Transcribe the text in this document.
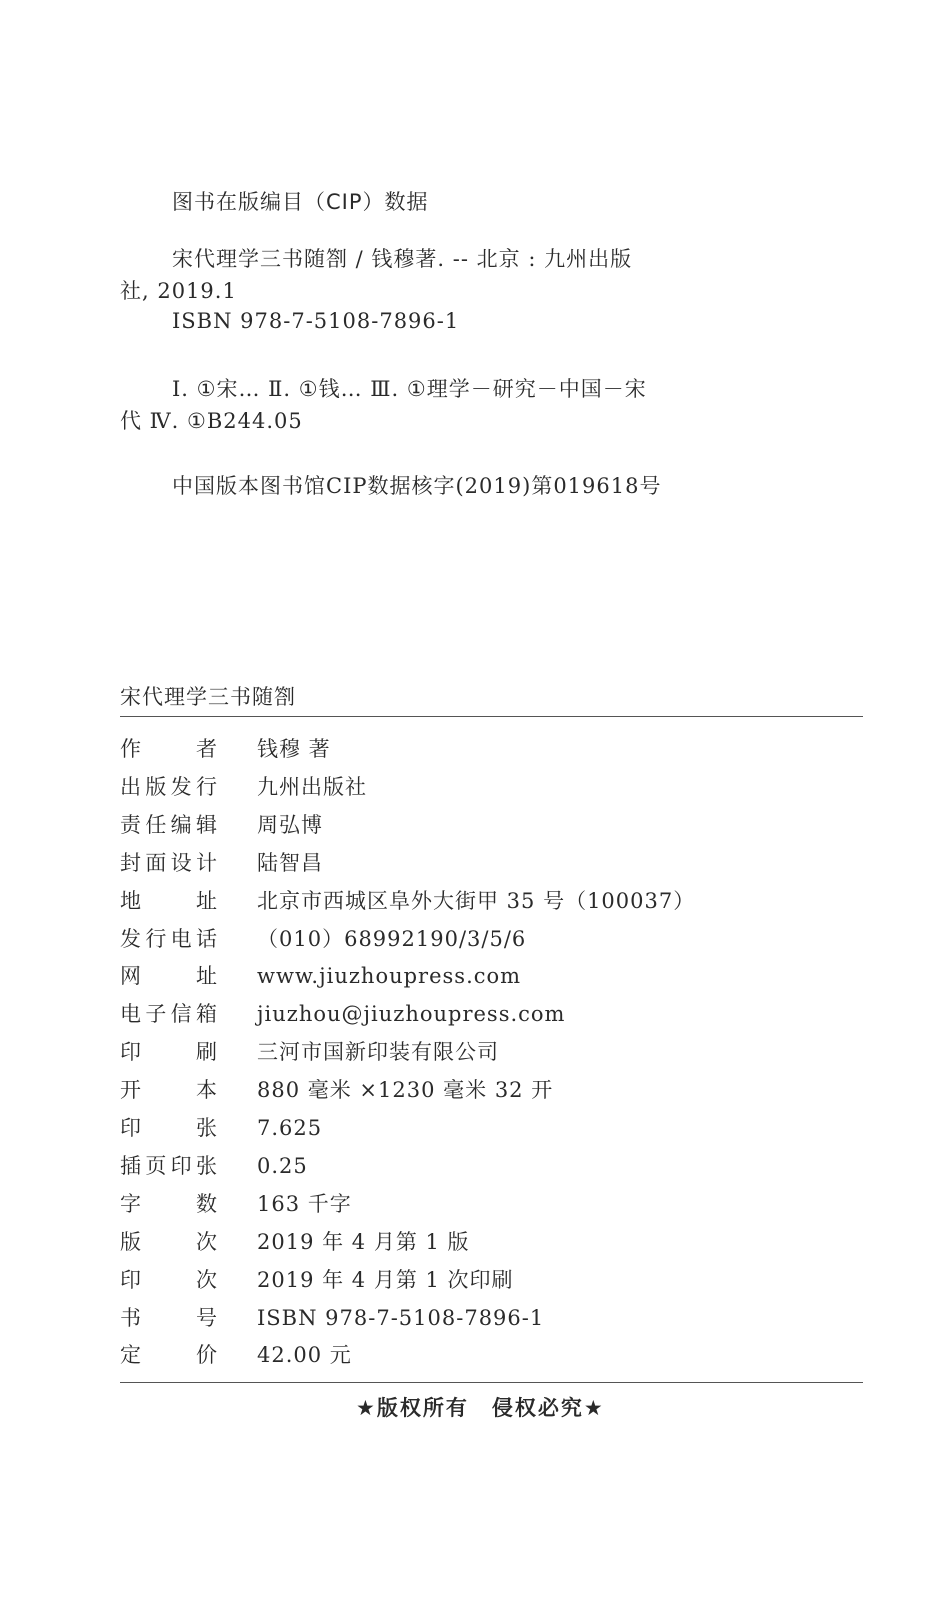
图书在版编目（CIP）数据
宋代理学三书随劄 / 钱穆著. -- 北京 : 九州出版
社, 2019.1
ISBN 978-7-5108-7896-1
Ⅰ. ①宋… Ⅱ. ①钱… Ⅲ. ①理学－研究－中国－宋
代 Ⅳ. ①B244.05
中国版本图书馆CIP数据核字(2019)第019618号
宋代理学三书随劄
作者 钱穆 著
出版发行 九州出版社
责任编辑 周弘博
封面设计 陆智昌
地址 北京市西城区阜外大街甲 35 号（100037）
发行电话 （010）68992190/3/5/6
网址 www.jiuzhoupress.com
电子信箱 jiuzhou@jiuzhoupress.com
印刷 三河市国新印装有限公司
开本 880 毫米 ×1230 毫米 32 开
印张 7.625
插页印张 0.25
字数 163 千字
版次 2019 年 4 月第 1 版
印次 2019 年 4 月第 1 次印刷
书号 ISBN 978-7-5108-7896-1
定价 42.00 元
★版权所有　侵权必究★
